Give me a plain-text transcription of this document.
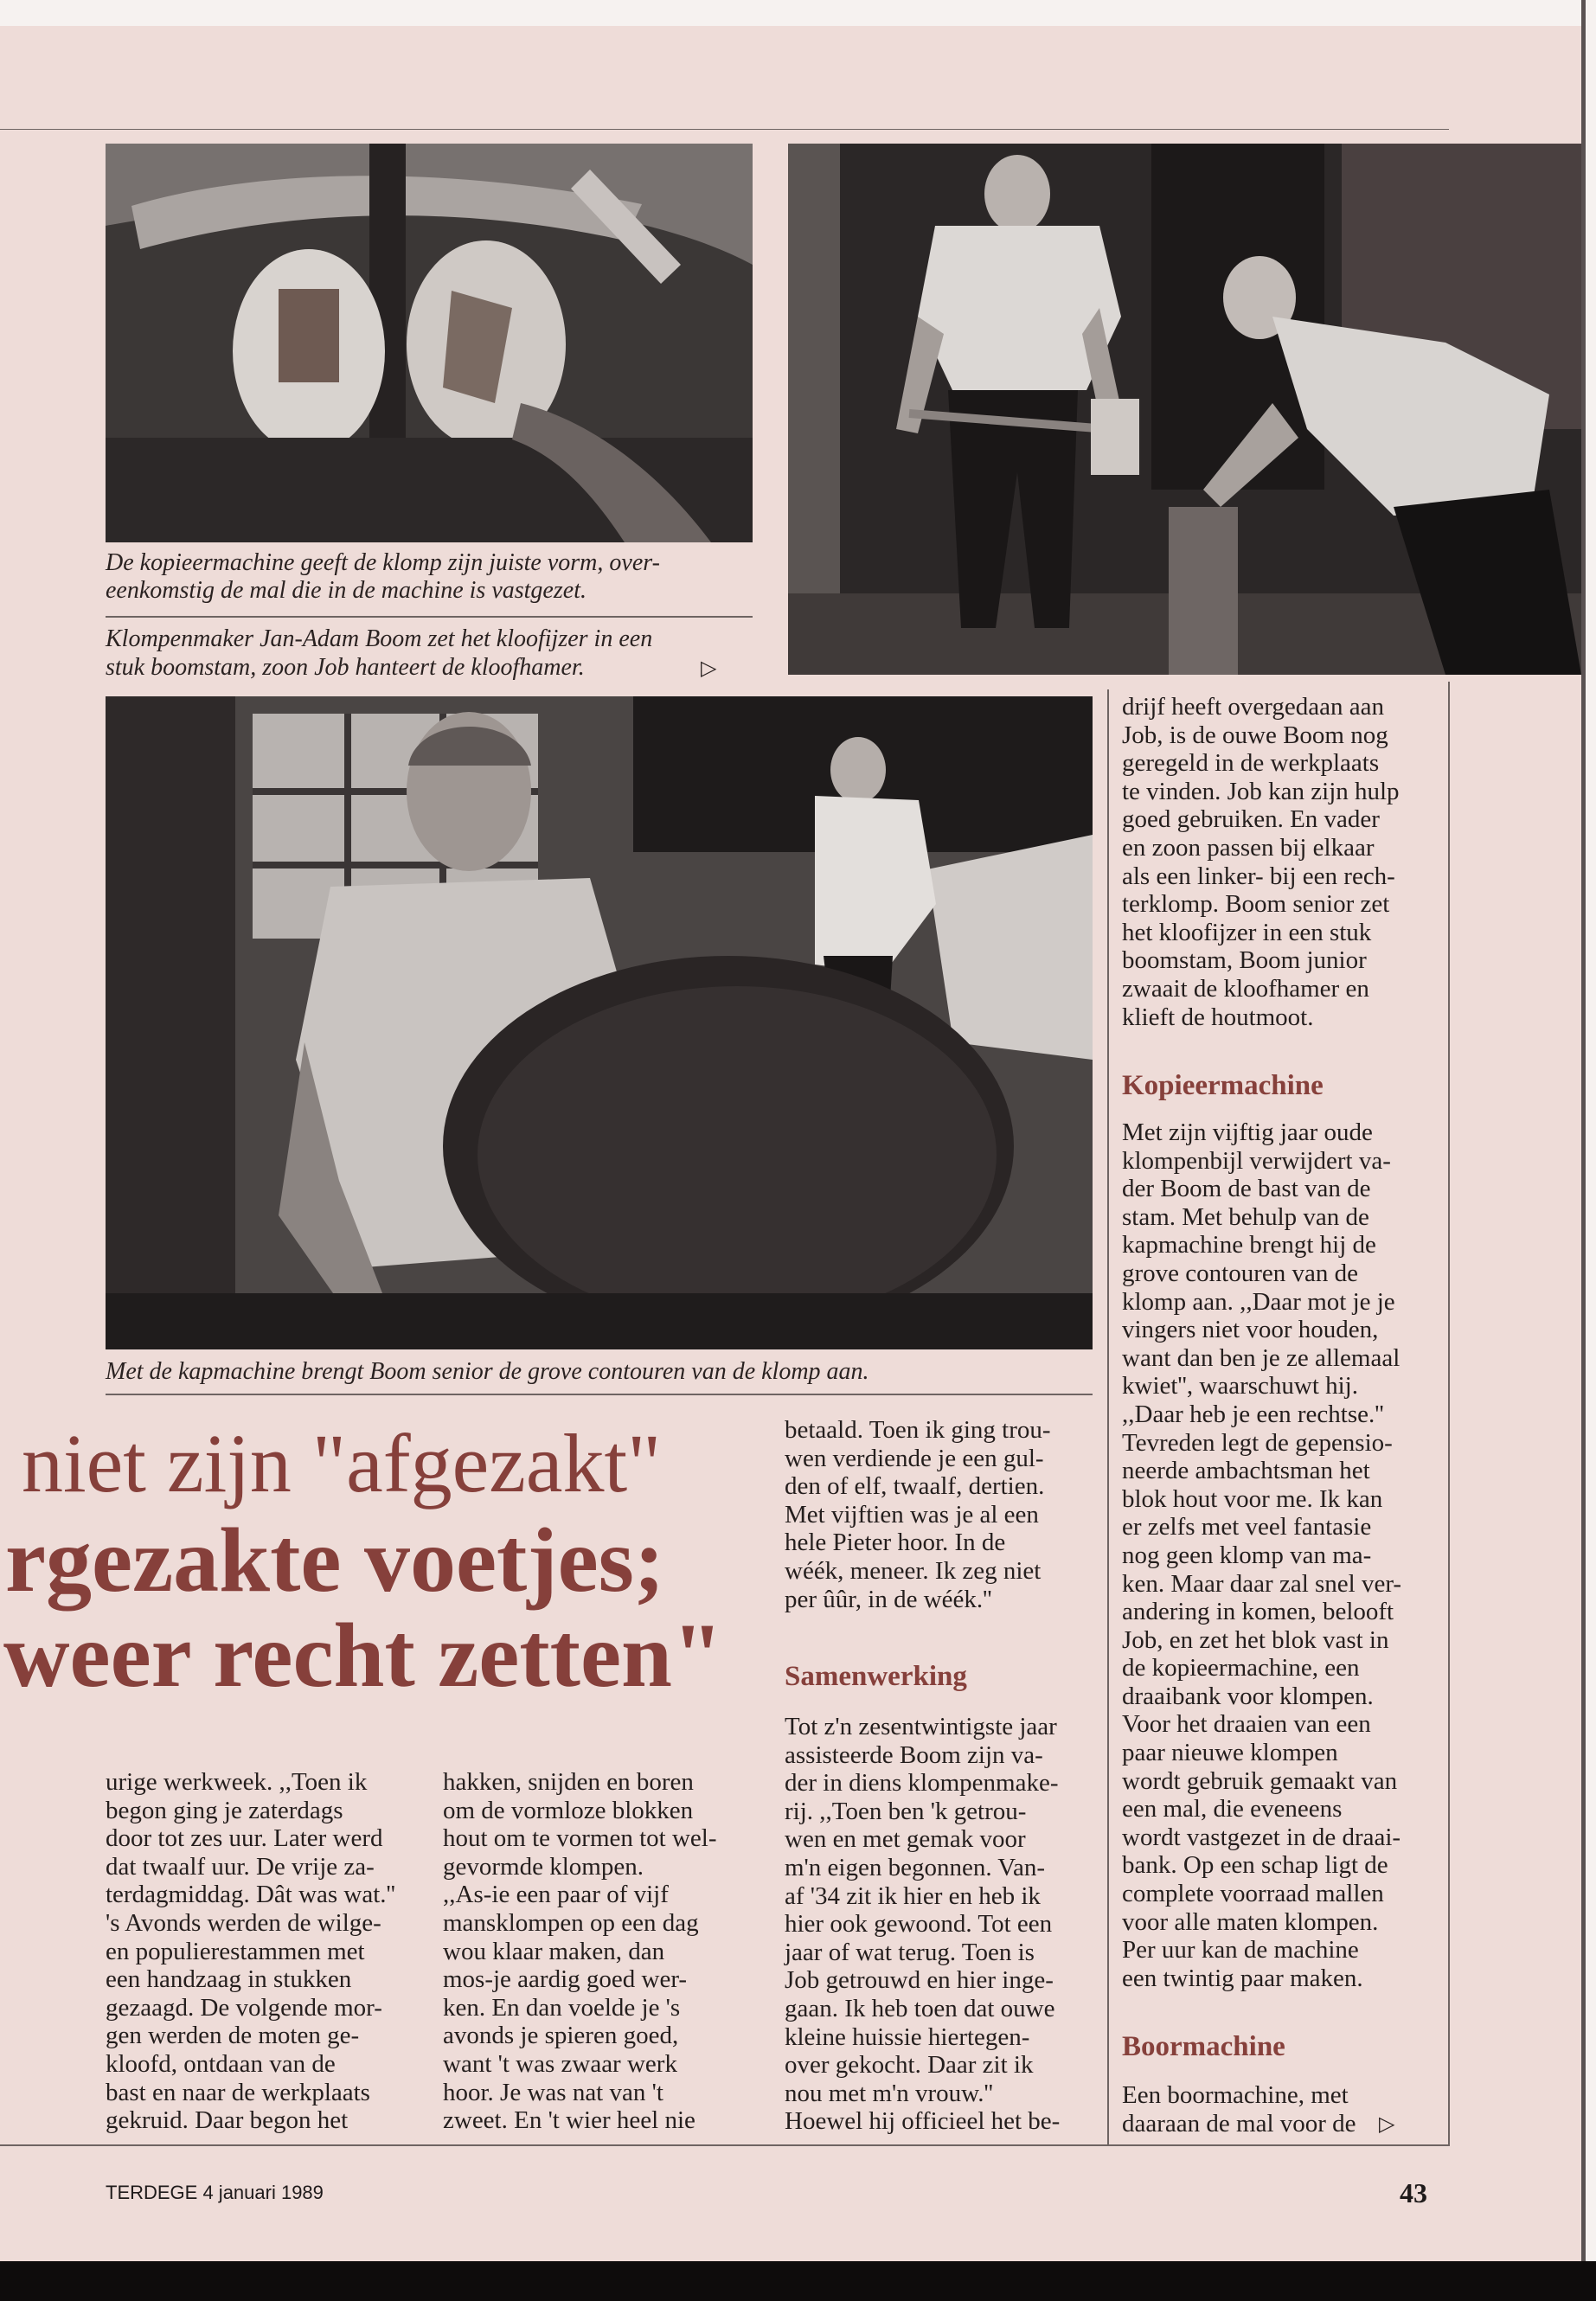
De kopieermachine geeft de klomp zijn juiste vorm, over-
eenkomstig de mal die in de machine is vastgezet.
Klompenmaker Jan-Adam Boom zet het kloofijzer in een
stuk boomstam, zoon Job hanteert de kloofhamer.	▷
Met de kapmachine brengt Boom senior de grove contouren van de klomp aan.
niet zijn "afgezakt"
rgezakte voetjes;
weer recht zetten"
urige werkweek. ,,Toen ik
begon ging je zaterdags
door tot zes uur. Later werd
dat twaalf uur. De vrije za-
terdagmiddag. Dât was wat.''
's Avonds werden de wilge-
en populierestammen met
een handzaag in stukken
gezaagd. De volgende mor-
gen werden de moten ge-
kloofd, ontdaan van de
bast en naar de werkplaats
gekruid. Daar begon het
hakken, snijden en boren
om de vormloze blokken
hout om te vormen tot wel-
gevormde klompen.
,,As-ie een paar of vijf
mansklompen op een dag
wou klaar maken, dan
mos-je aardig goed wer-
ken. En dan voelde je 's
avonds je spieren goed,
want 't was zwaar werk
hoor. Je was nat van 't
zweet. En 't wier heel nie
betaald. Toen ik ging trou-
wen verdiende je een gul-
den of elf, twaalf, dertien.
Met vijftien was je al een
hele Pieter hoor. In de
wéék, meneer. Ik zeg niet
per ûûr, in de wéék.''
Samenwerking
Tot z'n zesentwintigste jaar
assisteerde Boom zijn va-
der in diens klompenmake-
rij. ,,Toen ben 'k getrou-
wen en met gemak voor
m'n eigen begonnen. Van-
af '34 zit ik hier en heb ik
hier ook gewoond. Tot een
jaar of wat terug. Toen is
Job getrouwd en hier inge-
gaan. Ik heb toen dat ouwe
kleine huissie hiertegen-
over gekocht. Daar zit ik
nou met m'n vrouw.''
Hoewel hij officieel het be-
drijf heeft overgedaan aan
Job, is de ouwe Boom nog
geregeld in de werkplaats
te vinden. Job kan zijn hulp
goed gebruiken. En vader
en zoon passen bij elkaar
als een linker- bij een rech-
terklomp. Boom senior zet
het kloofijzer in een stuk
boomstam, Boom junior
zwaait de kloofhamer en
klieft de houtmoot.
Kopieermachine
Met zijn vijftig jaar oude
klompenbijl verwijdert va-
der Boom de bast van de
stam. Met behulp van de
kapmachine brengt hij de
grove contouren van de
klomp aan. ,,Daar mot je je
vingers niet voor houden,
want dan ben je ze allemaal
kwiet'', waarschuwt hij.
,,Daar heb je een rechtse.''
Tevreden legt de gepensio-
neerde ambachtsman het
blok hout voor me. Ik kan
er zelfs met veel fantasie
nog geen klomp van ma-
ken. Maar daar zal snel ver-
andering in komen, belooft
Job, en zet het blok vast in
de kopieermachine, een
draaibank voor klompen.
Voor het draaien van een
paar nieuwe klompen
wordt gebruik gemaakt van
een mal, die eveneens
wordt vastgezet in de draai-
bank. Op een schap ligt de
complete voorraad mallen
voor alle maten klompen.
Per uur kan de machine
een twintig paar maken.
Boormachine
Een boormachine, met
daaraan de mal voor de ▷
TERDEGE 4 januari 1989	43
